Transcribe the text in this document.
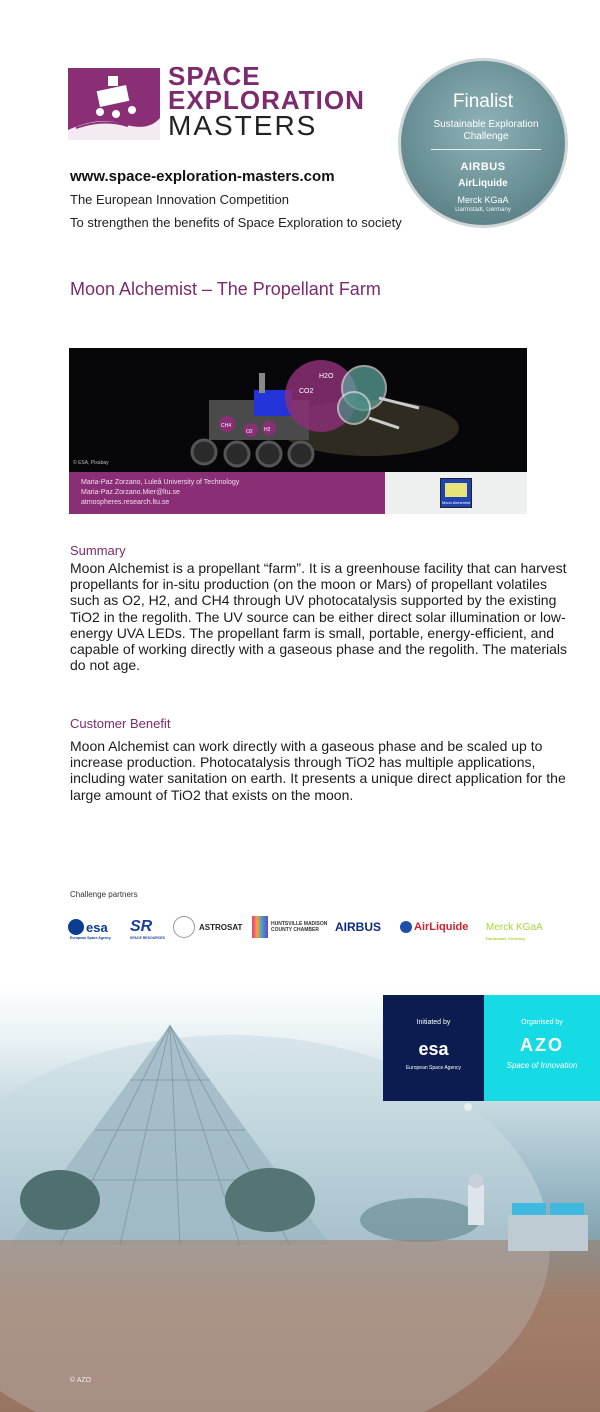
SPACE
EXPLORATION
MASTERS
www.space-exploration-masters.com
The European Innovation Competition
To strengthen the benefits of Space Exploration to society
Finalist
Sustainable Exploration Challenge
AIRBUS
AirLiquide
Merck KGaA
Darmstadt, Germany
Moon Alchemist – The Propellant Farm
H2O
CO2
CH4
O2 H2
© ESA, Pixabay
Maria-Paz Zorzano, Luleå University of Technology
Maria-Paz.Zorzano.Mier@ltu.se
atmospheres.research.ltu.se	Moon Alchemist
Summary
Moon Alchemist is a propellant “farm”. It is a greenhouse facility that can harvest propellants for in-situ production (on the moon or Mars) of propellant volatiles such as O2, H2, and CH4 through UV photocatalysis supported by the existing TiO2 in the regolith. The UV source can be either direct solar illumination or low-energy UVA LEDs. The propellant farm is small, portable, energy-efficient, and capable of working directly with a gaseous phase and the regolith. The materials do not age.
Customer Benefit
Moon Alchemist can work directly with a gaseous phase and be scaled up to increase production. Photocatalysis through TiO2 has multiple applications, including water sanitation on earth. It presents a unique direct application for the large amount of TiO2 that exists on the moon.
Challenge partners
esa
European Space Agency
SR
SPACE RESOURCES
ASTROSAT	HUNTSVILLE MADISON COUNTY CHAMBER	AIRBUS	AirLiquide Merck KGaA
Darmstadt, Germany
Initiated by
esa
European Space Agency
Organised by
AZO
Space of Innovation
© AZO
